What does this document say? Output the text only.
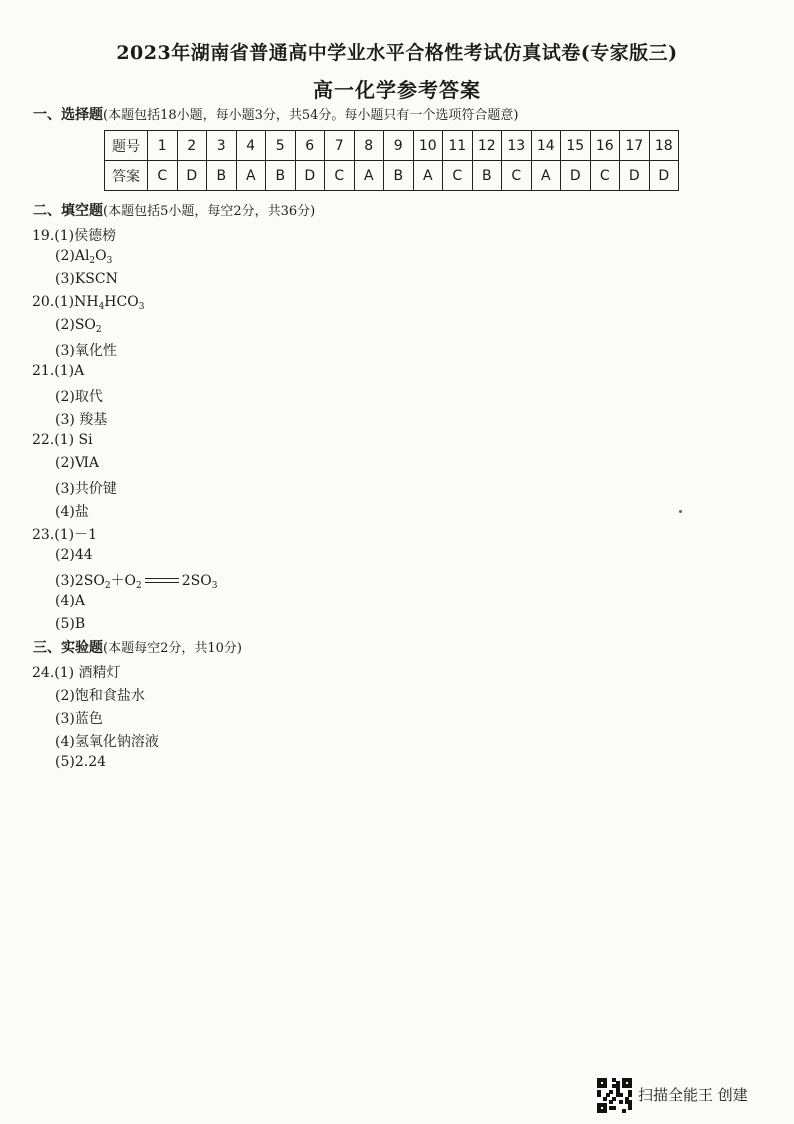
2023年湖南省普通高中学业水平合格性考试仿真试卷(专家版三)
高一化学参考答案
一、选择题(本题包括18小题，每小题3分，共54分。每小题只有一个选项符合题意)
题号	1	2	3	4	5	6	7	8	9	10	11	12	13	14	15	16	17	18
答案	C	D	B	A	B	D	C	A	B	A	C	B	C	A	D	C	D	D
二、填空题(本题包括5小题，每空2分，共36分)
19.(1)侯德榜
$(2)Al_2O_3$
(3)KSCN
$20.(1)NH_4HCO_3$
$(2)SO_2$
(3)氧化性
21.(1)A
(2)取代
(3) 羧基
22.(1) Si
(2)ⅥA
(3)共价键
(4)盐
23.(1)－1
(2)44
$(3)2SO_2+O_2$	$2SO_3$
(4)A
(5)B
三、实验题(本题每空2分，共10分)
24.(1) 酒精灯
(2)饱和食盐水
(3)蓝色
(4)氢氧化钠溶液
(5)2.24
扫描全能王 创建
